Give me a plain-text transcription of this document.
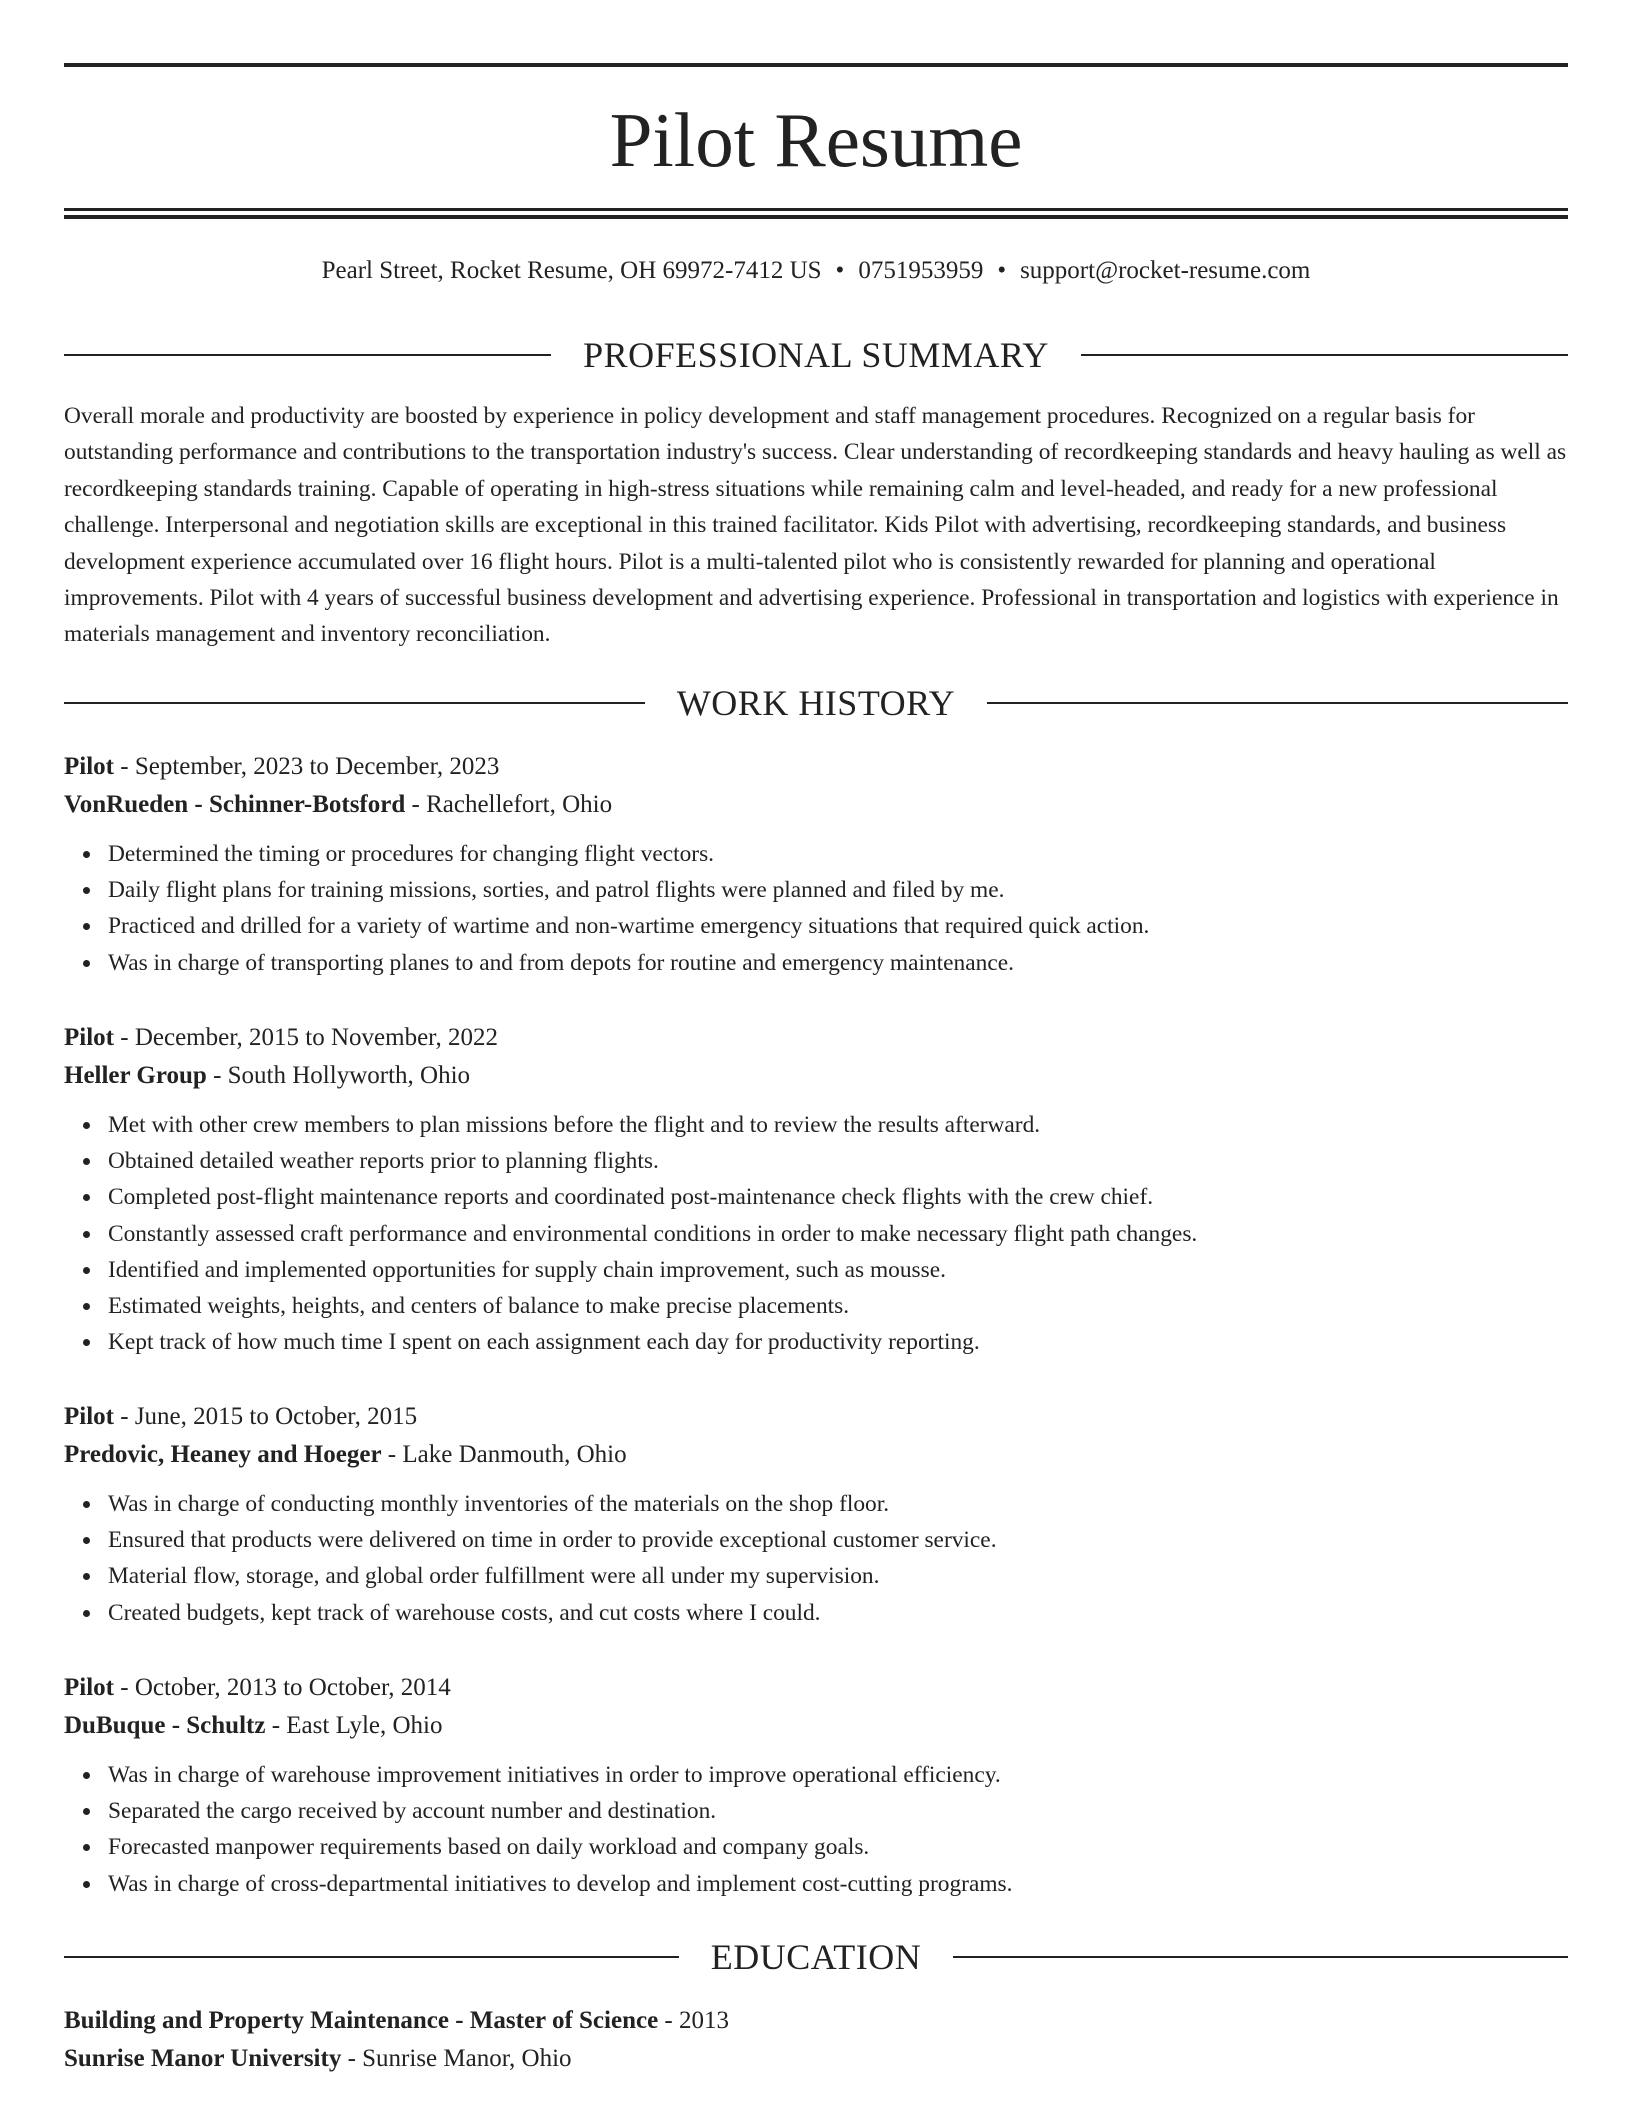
Pilot Resume
Pearl Street, Rocket Resume, OH 69972-7412 US • 0751953959 • support@rocket-resume.com
PROFESSIONAL SUMMARY
Overall morale and productivity are boosted by experience in policy development and staff management procedures. Recognized on a regular basis for outstanding performance and contributions to the transportation industry's success. Clear understanding of recordkeeping standards and heavy hauling as well as recordkeeping standards training. Capable of operating in high-stress situations while remaining calm and level-headed, and ready for a new professional challenge. Interpersonal and negotiation skills are exceptional in this trained facilitator. Kids Pilot with advertising, recordkeeping standards, and business development experience accumulated over 16 flight hours. Pilot is a multi-talented pilot who is consistently rewarded for planning and operational improvements. Pilot with 4 years of successful business development and advertising experience. Professional in transportation and logistics with experience in materials management and inventory reconciliation.
WORK HISTORY
Pilot - September, 2023 to December, 2023
VonRueden - Schinner-Botsford - Rachellefort, Ohio
Determined the timing or procedures for changing flight vectors.
Daily flight plans for training missions, sorties, and patrol flights were planned and filed by me.
Practiced and drilled for a variety of wartime and non-wartime emergency situations that required quick action.
Was in charge of transporting planes to and from depots for routine and emergency maintenance.
Pilot - December, 2015 to November, 2022
Heller Group - South Hollyworth, Ohio
Met with other crew members to plan missions before the flight and to review the results afterward.
Obtained detailed weather reports prior to planning flights.
Completed post-flight maintenance reports and coordinated post-maintenance check flights with the crew chief.
Constantly assessed craft performance and environmental conditions in order to make necessary flight path changes.
Identified and implemented opportunities for supply chain improvement, such as mousse.
Estimated weights, heights, and centers of balance to make precise placements.
Kept track of how much time I spent on each assignment each day for productivity reporting.
Pilot - June, 2015 to October, 2015
Predovic, Heaney and Hoeger - Lake Danmouth, Ohio
Was in charge of conducting monthly inventories of the materials on the shop floor.
Ensured that products were delivered on time in order to provide exceptional customer service.
Material flow, storage, and global order fulfillment were all under my supervision.
Created budgets, kept track of warehouse costs, and cut costs where I could.
Pilot - October, 2013 to October, 2014
DuBuque - Schultz - East Lyle, Ohio
Was in charge of warehouse improvement initiatives in order to improve operational efficiency.
Separated the cargo received by account number and destination.
Forecasted manpower requirements based on daily workload and company goals.
Was in charge of cross-departmental initiatives to develop and implement cost-cutting programs.
EDUCATION
Building and Property Maintenance - Master of Science - 2013
Sunrise Manor University - Sunrise Manor, Ohio
